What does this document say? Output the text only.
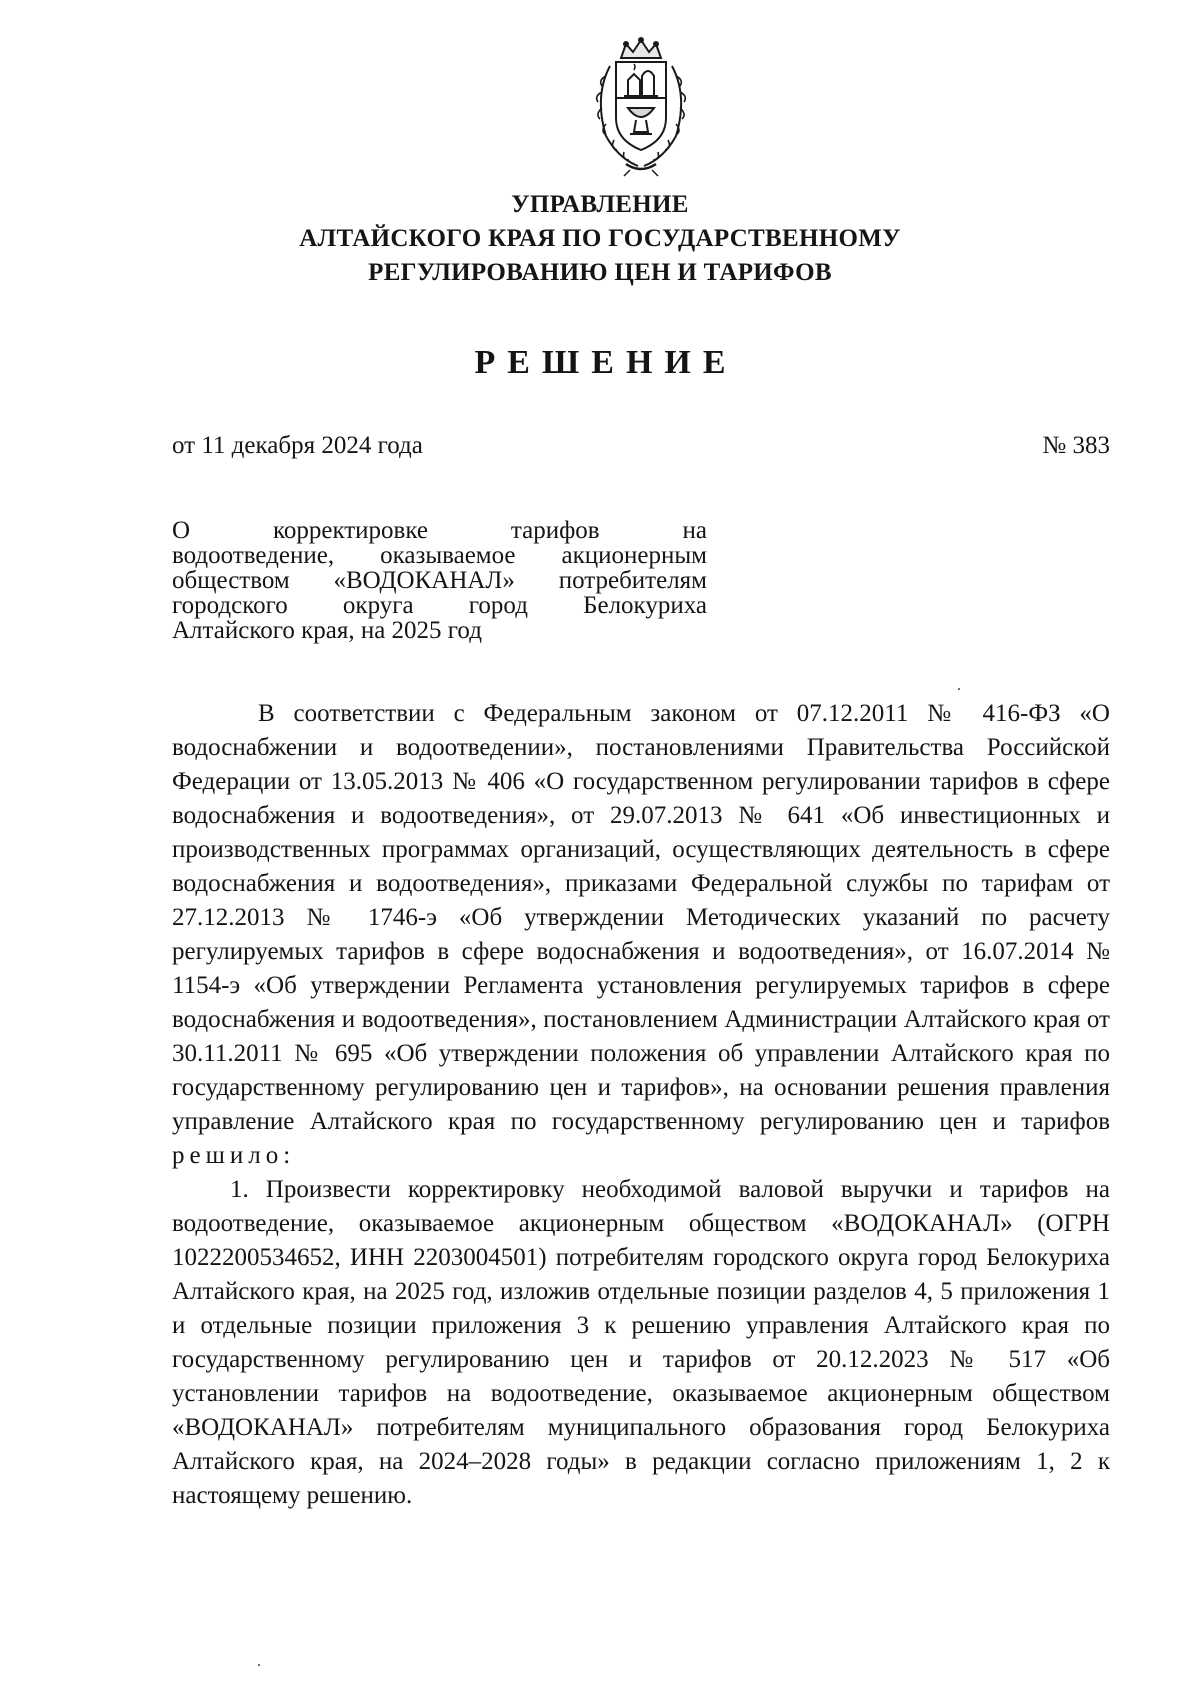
УПРАВЛЕНИЕ
АЛТАЙСКОГО КРАЯ ПО ГОСУДАРСТВЕННОМУ
РЕГУЛИРОВАНИЮ ЦЕН И ТАРИФОВ
РЕШЕНИЕ
от 11 декабря 2024 года	№ 383
О корректировке тарифов на
водоотведение, оказываемое акционерным
обществом «ВОДОКАНАЛ» потребителям
городского округа город Белокуриха
Алтайского края, на 2025 год

В соответствии с Федеральным законом от 07.12.2011 № 416-ФЗ «О водоснабжении и водоотведении», постановлениями Правительства Российской Федерации от 13.05.2013 № 406 «О государственном регулировании тарифов в сфере водоснабжения и водоотведения», от 29.07.2013 № 641 «Об инвестиционных и производственных программах организаций, осуществляющих деятельность в сфере водоснабжения и водоотведения», приказами Федеральной службы по тарифам от 27.12.2013 № 1746-э «Об утверждении Методических указаний по расчету регулируемых тарифов в сфере водоснабжения и водоотведения», от 16.07.2014 № 1154-э «Об утверждении Регламента установления регулируемых тарифов в сфере водоснабжения и водоотведения», постановлением Администрации Алтайского края от 30.11.2011 № 695 «Об утверждении положения об управлении Алтайского края по государственному регулированию цен и тарифов», на основании решения правления управление Алтайского края по государственному регулированию цен и тарифов решило:

1. Произвести корректировку необходимой валовой выручки и тарифов на водоотведение, оказываемое акционерным обществом «ВОДОКАНАЛ» (ОГРН 1022200534652, ИНН 2203004501) потребителям городского округа город Белокуриха Алтайского края, на 2025 год, изложив отдельные позиции разделов 4, 5 приложения 1 и отдельные позиции приложения 3 к решению управления Алтайского края по государственному регулированию цен и тарифов от 20.12.2023 № 517 «Об установлении тарифов на водоотведение, оказываемое акционерным обществом «ВОДОКАНАЛ» потребителям муниципального образования город Белокуриха Алтайского края, на 2024–2028 годы» в редакции согласно приложениям 1, 2 к настоящему решению.
